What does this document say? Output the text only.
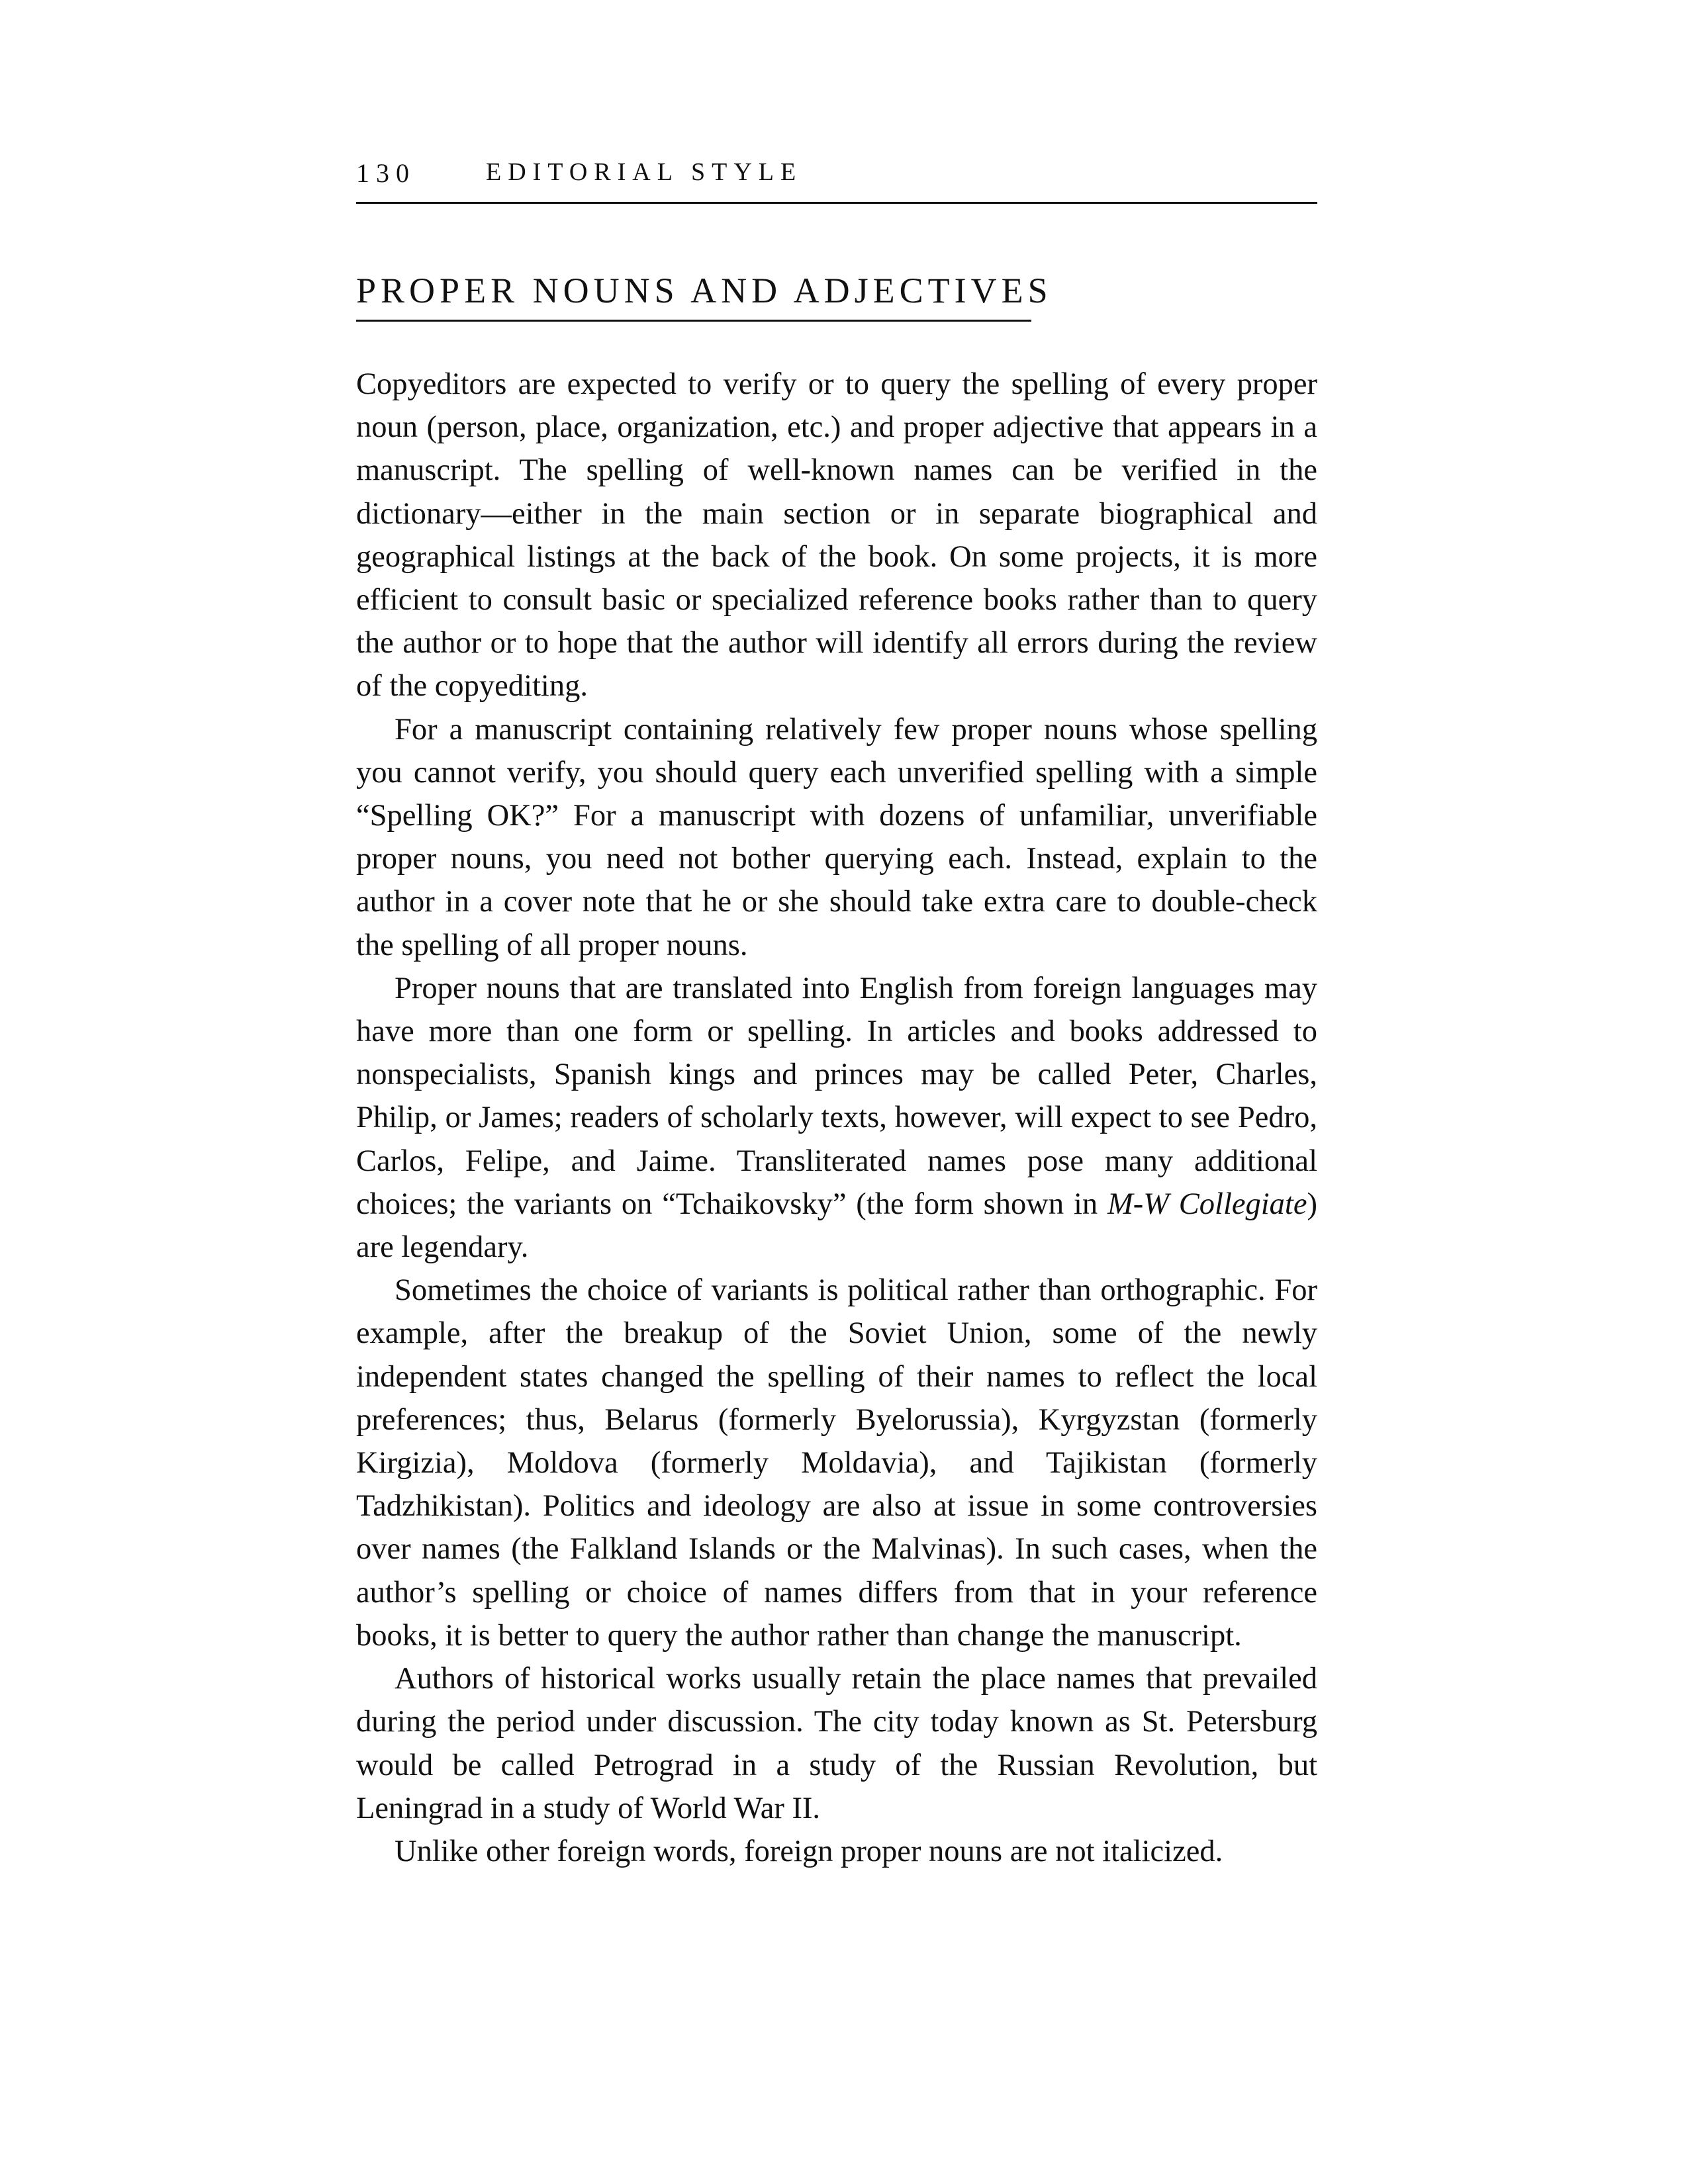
130	EDITORIAL STYLE
PROPER NOUNS AND ADJECTIVES

Copyeditors are expected to verify or to query the spelling of every proper noun (person, place, organization, etc.) and proper adjective that appears in a manuscript. The spelling of well-known names can be verified in the dictionary—either in the main section or in separate biographical and geographical listings at the back of the book. On some projects, it is more efficient to consult basic or specialized reference books rather than to query the author or to hope that the author will identify all errors during the review of the copyediting.

For a manuscript containing relatively few proper nouns whose spelling you cannot verify, you should query each unverified spelling with a simple “Spelling OK?” For a manuscript with dozens of unfamiliar, unverifiable proper nouns, you need not bother querying each. Instead, explain to the author in a cover note that he or she should take extra care to double-check the spelling of all proper nouns.

Proper nouns that are translated into English from foreign languages may have more than one form or spelling. In articles and books addressed to nonspecialists, Spanish kings and princes may be called Peter, Charles, Philip, or James; readers of scholarly texts, however, will expect to see Pedro, Carlos, Felipe, and Jaime. Transliterated names pose many additional choices; the variants on “Tchaikovsky” (the form shown in M-W Collegiate) are legendary.

Sometimes the choice of variants is political rather than orthographic. For example, after the breakup of the Soviet Union, some of the newly independent states changed the spelling of their names to reflect the local preferences; thus, Belarus (formerly Byelorussia), Kyrgyzstan (formerly Kirgizia), Moldova (formerly Moldavia), and Tajikistan (formerly Tadzhikistan). Politics and ideology are also at issue in some controversies over names (the Falkland Islands or the Malvinas). In such cases, when the author’s spelling or choice of names differs from that in your reference books, it is better to query the author rather than change the manuscript.

Authors of historical works usually retain the place names that prevailed during the period under discussion. The city today known as St. Petersburg would be called Petrograd in a study of the Russian Revolution, but Leningrad in a study of World War II.

Unlike other foreign words, foreign proper nouns are not italicized.
